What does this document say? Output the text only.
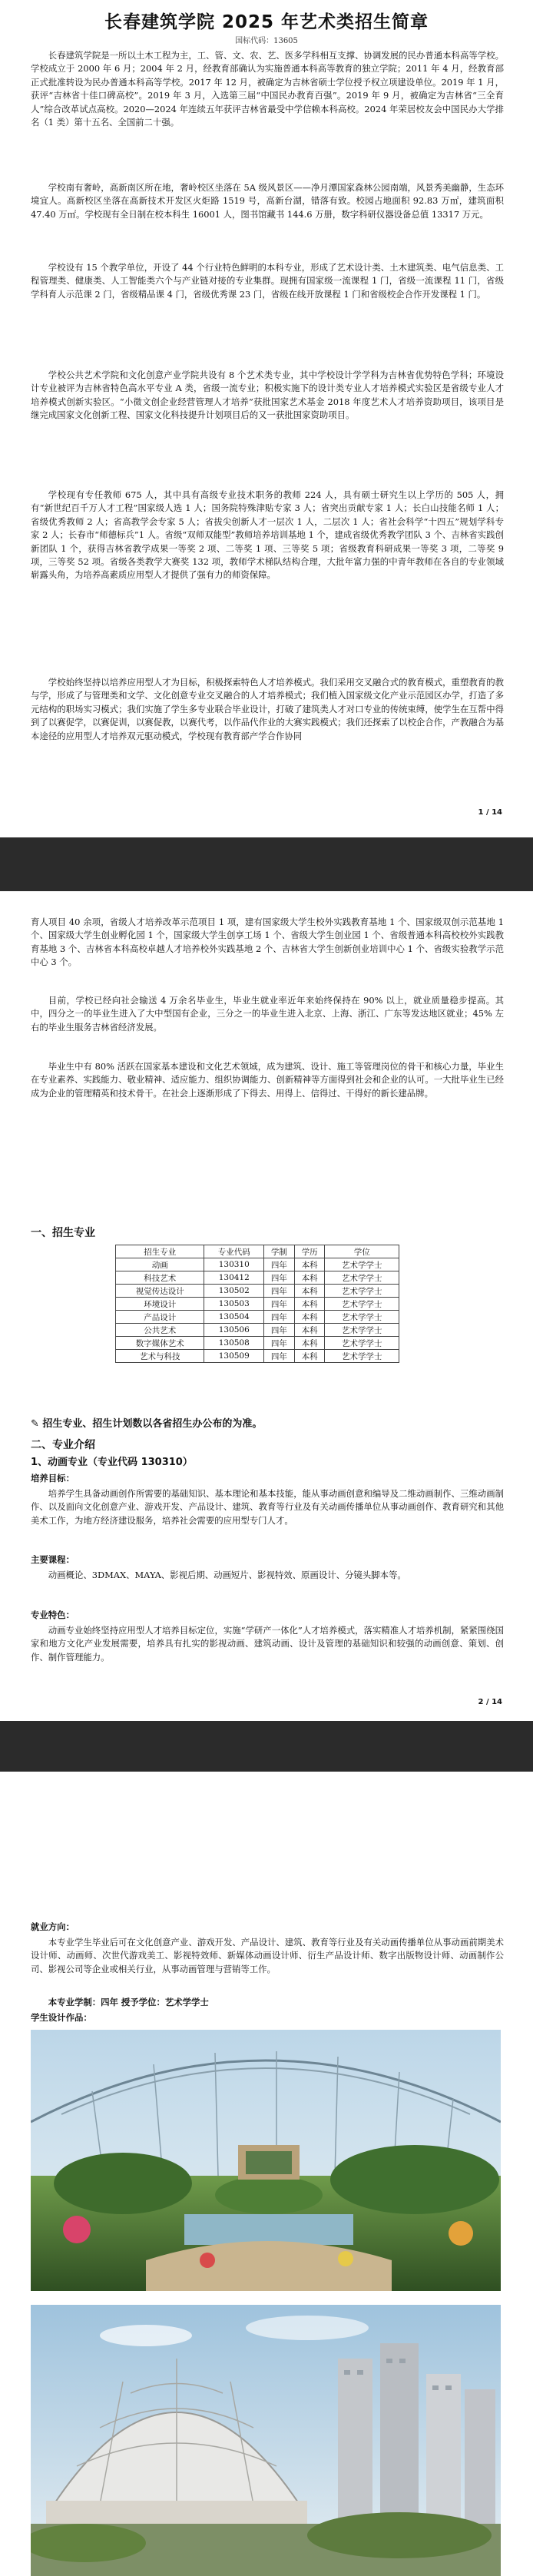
长春建筑学院 2025 年艺术类招生简章
国标代码：13605

长春建筑学院是一所以土木工程为主，工、管、文、农、艺、医多学科相互支撑、协调发展的民办普通本科高等学校。学校成立于 2000 年 6 月；2004 年 2 月，经教育部确认为实施普通本科高等教育的独立学院；2011 年 4 月，经教育部正式批准转设为民办普通本科高等学校。2017 年 12 月，被确定为吉林省硕士学位授予权立项建设单位。2019 年 1 月，获评“吉林省十佳口碑高校”。2019 年 3 月，入选第三届“中国民办教育百强”。2019 年 9 月，被确定为吉林省“三全育人”综合改革试点高校。2020—2024 年连续五年获评吉林省最受中学信赖本科高校。2024 年荣居校友会中国民办大学排名（1 类）第十五名、全国前二十强。

学校南有奢岭，高新南区所在地，奢岭校区坐落在 5A 级风景区——净月潭国家森林公园南端，风景秀美幽静，生态环境宜人。高新校区坐落在高新技术开发区火炬路 1519 号，高新台湖，错落有致。校园占地面积 92.83 万㎡，建筑面积 47.40 万㎡。学校现有全日制在校本科生 16001 人，图书馆藏书 144.6 万册，数字科研仪器设备总值 13317 万元。

学校设有 15 个教学单位，开设了 44 个行业特色鲜明的本科专业，形成了艺术设计类、土木建筑类、电气信息类、工程管理类、健康类、人工智能类六个与产业链对接的专业集群。现拥有国家级一流课程 1 门，省级一流课程 11 门，省级学科育人示范课 2 门，省级精品课 4 门，省级优秀课 23 门，省级在线开放课程 1 门和省级校企合作开发课程 1 门。

学校公共艺术学院和文化创意产业学院共设有 8 个艺术类专业，其中学校设计学学科为吉林省优势特色学科；环境设计专业被评为吉林省特色高水平专业 A 类，省级一流专业；积极实施下的设计类专业人才培养模式实验区是省级专业人才培养模式创新实验区。“小微文创企业经营管理人才培养”获批国家艺术基金 2018 年度艺术人才培养资助项目，该项目是继完成国家文化创新工程、国家文化科技提升计划项目后的又一获批国家资助项目。

学校现有专任教师 675 人，其中具有高级专业技术职务的教师 224 人，具有硕士研究生以上学历的 505 人，拥有“新世纪百千万人才工程”国家级人选 1 人；国务院特殊津贴专家 3 人；省突出贡献专家 1 人；长白山技能名师 1 人；省级优秀教师 2 人；省高教学会专家 5 人；省拔尖创新人才一层次 1 人，二层次 1 人；省社会科学“十四五”规划学科专家 2 人；长春市“师德标兵”1 人。省级“双师双能型”教师培养培训基地 1 个，建成省级优秀教学团队 3 个、吉林省实践创新团队 1 个，获得吉林省教学成果一等奖 2 项、二等奖 1 项、三等奖 5 项；省级教育科研成果一等奖 3 项，二等奖 9 项，三等奖 52 项。省级各类教学大赛奖 132 项，教师学术梯队结构合理，大批年富力强的中青年教师在各自的专业领域崭露头角，为培养高素质应用型人才提供了强有力的师资保障。

学校始终坚持以培养应用型人才为目标，积极探索特色人才培养模式。我们采用交叉融合式的教育模式，重塑教育的教与学，形成了与管理类和文学、文化创意专业交叉融合的人才培养模式；我们植入国家级文化产业示范园区办学，打造了多元结构的职场实习模式；我们实施了学生多专业联合毕业设计，打破了建筑类人才对口专业的传统束缚，使学生在互帮中得到了以赛促学，以赛促训，以赛促教，以赛代考，以作品代作业的大赛实践模式；我们还探索了以校企合作，产教融合为基本途径的应用型人才培养双元驱动模式，学校现有教育部产学合作协同

1 / 14

育人项目 40 余项，省级人才培养改革示范项目 1 项，建有国家级大学生校外实践教育基地 1 个、国家级双创示范基地 1 个、国家级大学生创业孵化园 1 个，国家级大学生创享工场 1 个、省级大学生创业园 1 个、省级普通本科高校校外实践教育基地 3 个、吉林省本科高校卓越人才培养校外实践基地 2 个、吉林省大学生创新创业培训中心 1 个、省级实验教学示范中心 3 个。

目前，学校已经向社会输送 4 万余名毕业生，毕业生就业率近年来始终保持在 90% 以上，就业质量稳步提高。其中，四分之一的毕业生进入了大中型国有企业，三分之一的毕业生进入北京、上海、浙江、广东等发达地区就业；45% 左右的毕业生服务吉林省经济发展。

毕业生中有 80% 活跃在国家基本建设和文化艺术领域，成为建筑、设计、施工等管理岗位的骨干和核心力量，毕业生在专业素养、实践能力、敬业精神、适应能力、组织协调能力、创新精神等方面得到社会和企业的认可。一大批毕业生已经成为企业的管理精英和技术骨干。在社会上逐渐形成了下得去、用得上、信得过、干得好的新长建品牌。

一、招生专业
招生专业	专业代码	学制	学历	学位
动画	130310	四年	本科	艺术学学士
科技艺术	130412	四年	本科	艺术学学士
视觉传达设计	130502	四年	本科	艺术学学士
环境设计	130503	四年	本科	艺术学学士
产品设计	130504	四年	本科	艺术学学士
公共艺术	130506	四年	本科	艺术学学士
数字媒体艺术	130508	四年	本科	艺术学学士
艺术与科技	130509	四年	本科	艺术学学士
✎ 招生专业、招生计划数以各省招生办公布的为准。
二、专业介绍
1、动画专业（专业代码 130310）
培养目标：

培养学生具备动画创作所需要的基础知识、基本理论和基本技能，能从事动画创意和编导及二维动画制作、三维动画制作、以及面向文化创意产业、游戏开发、产品设计、建筑、教育等行业及有关动画传播单位从事动画创作、教育研究和其他美术工作，为地方经济建设服务，培养社会需要的应用型专门人才。

主要课程：

动画概论、3DMAX、MAYA、影视后期、动画短片、影视特效、原画设计、分镜头脚本等。

专业特色：

动画专业始终坚持应用型人才培养目标定位，实施“学研产一体化”人才培养模式，落实精准人才培养机制，紧紧围绕国家和地方文化产业发展需要，培养具有扎实的影视动画、建筑动画、设计及管理的基础知识和较强的动画创意、策划、创作、制作管理能力。

2 / 14
就业方向：

本专业学生毕业后可在文化创意产业、游戏开发、产品设计、建筑、教育等行业及有关动画传播单位从事动画前期美术设计师、动画师、次世代游戏美工、影视特效师、新媒体动画设计师、衍生产品设计师、数字出版物设计师、动画制作公司、影视公司等企业或相关行业，从事动画管理与营销等工作。

本专业学制：四年 授予学位：艺术学学士
学生设计作品：
